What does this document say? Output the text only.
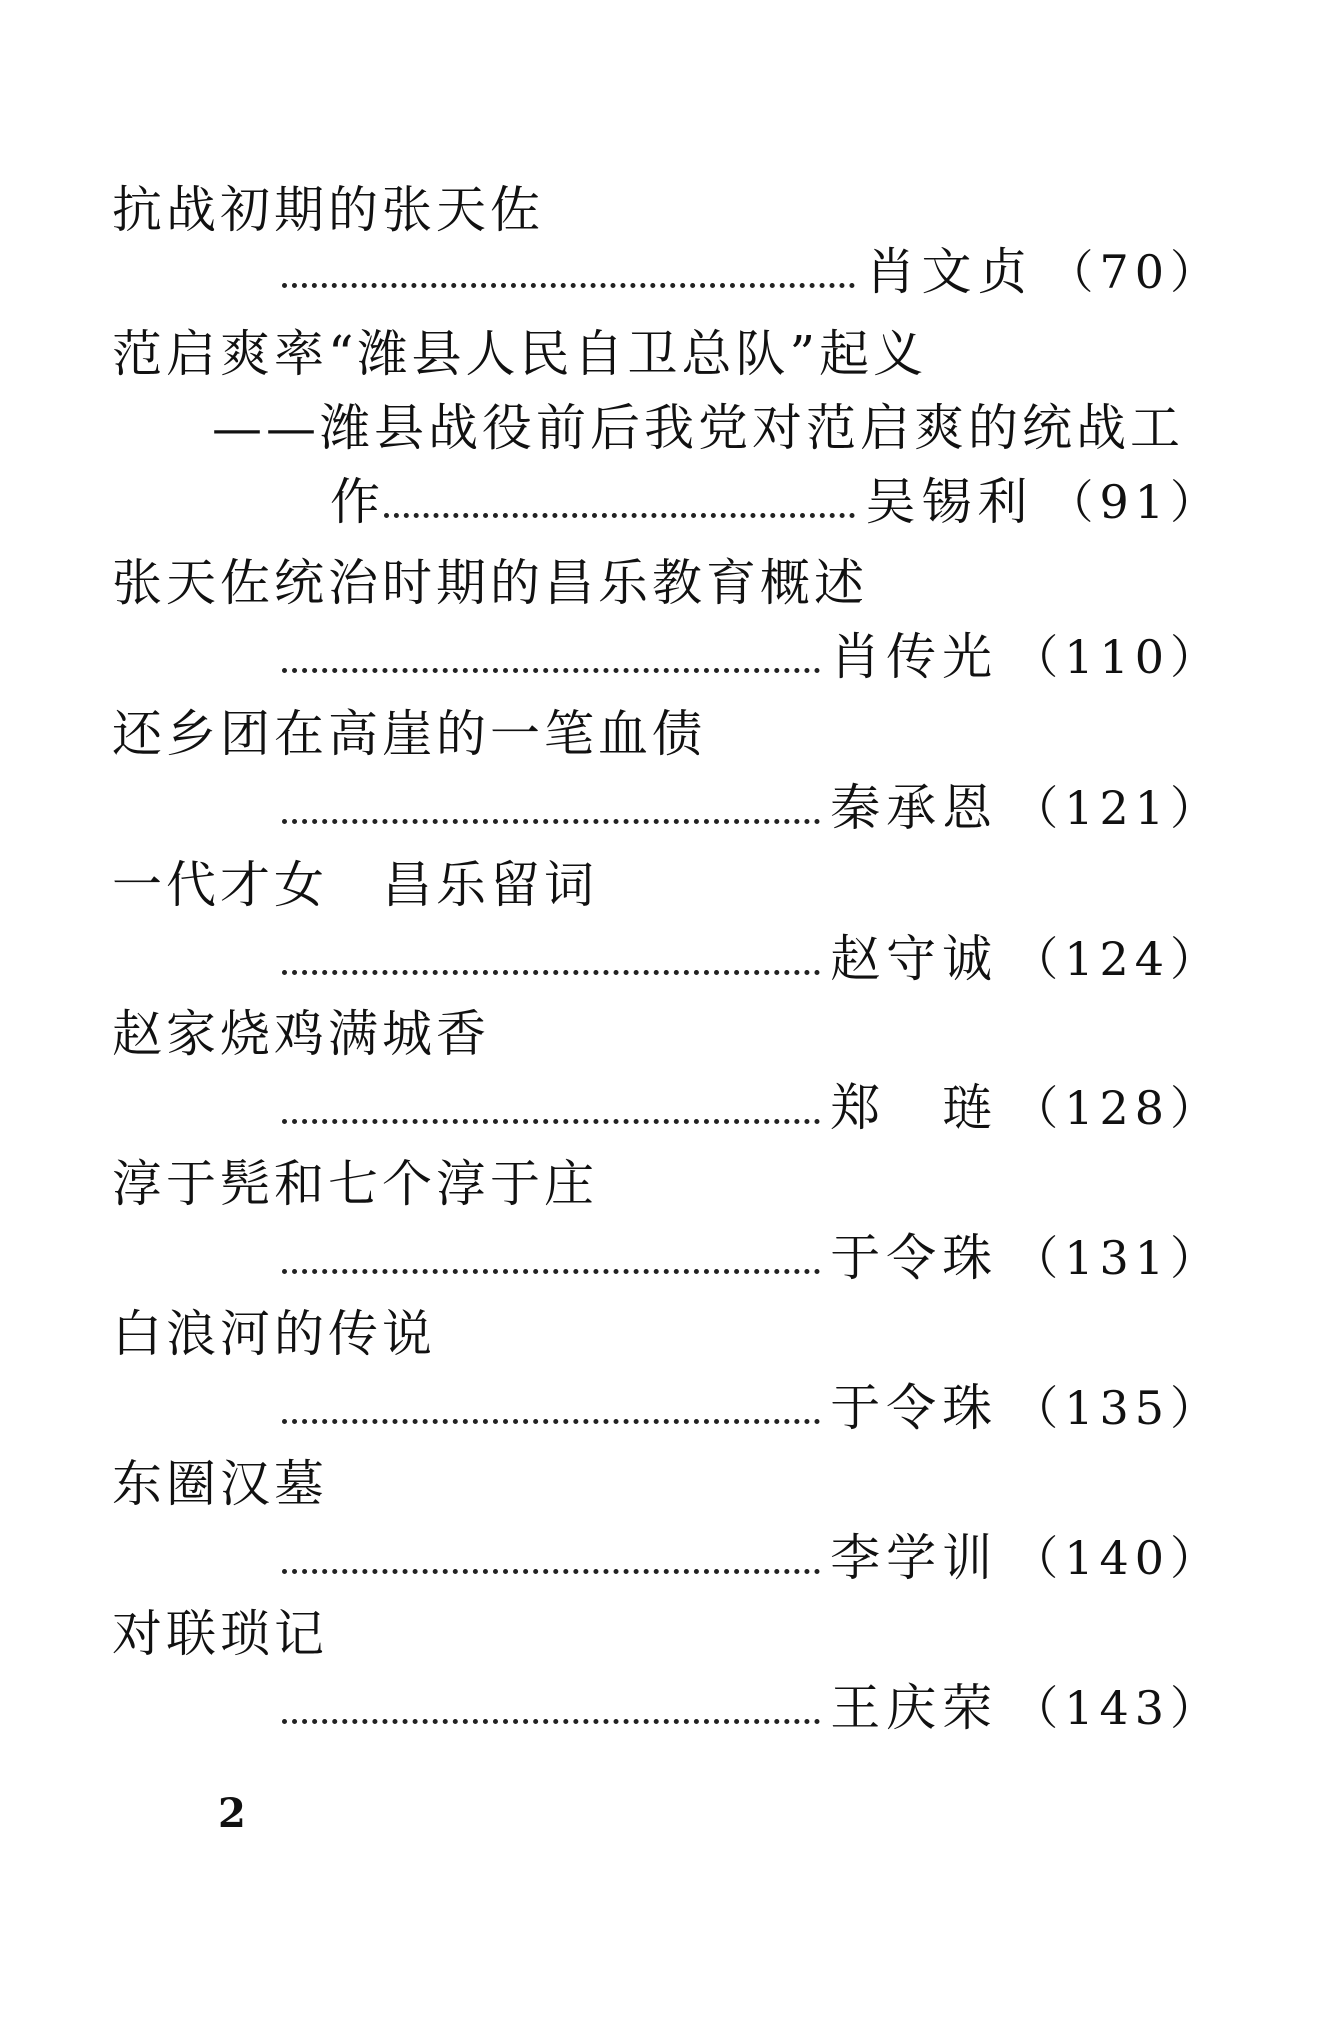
抗战初期的张天佐
肖文贞 （70）
范启爽率“潍县人民自卫总队”起义
——潍县战役前后我党对范启爽的统战工
作	吴锡利 （91）
张天佐统治时期的昌乐教育概述
肖传光 （110）
还乡团在高崖的一笔血债
秦承恩 （121）
一代才女　昌乐留词
赵守诚 （124）
赵家烧鸡满城香
郑　琏 （128）
淳于髡和七个淳于庄
于令珠 （131）
白浪河的传说
于令珠 （135）
东圈汉墓
李学训 （140）
对联琐记
王庆荣 （143）
2
